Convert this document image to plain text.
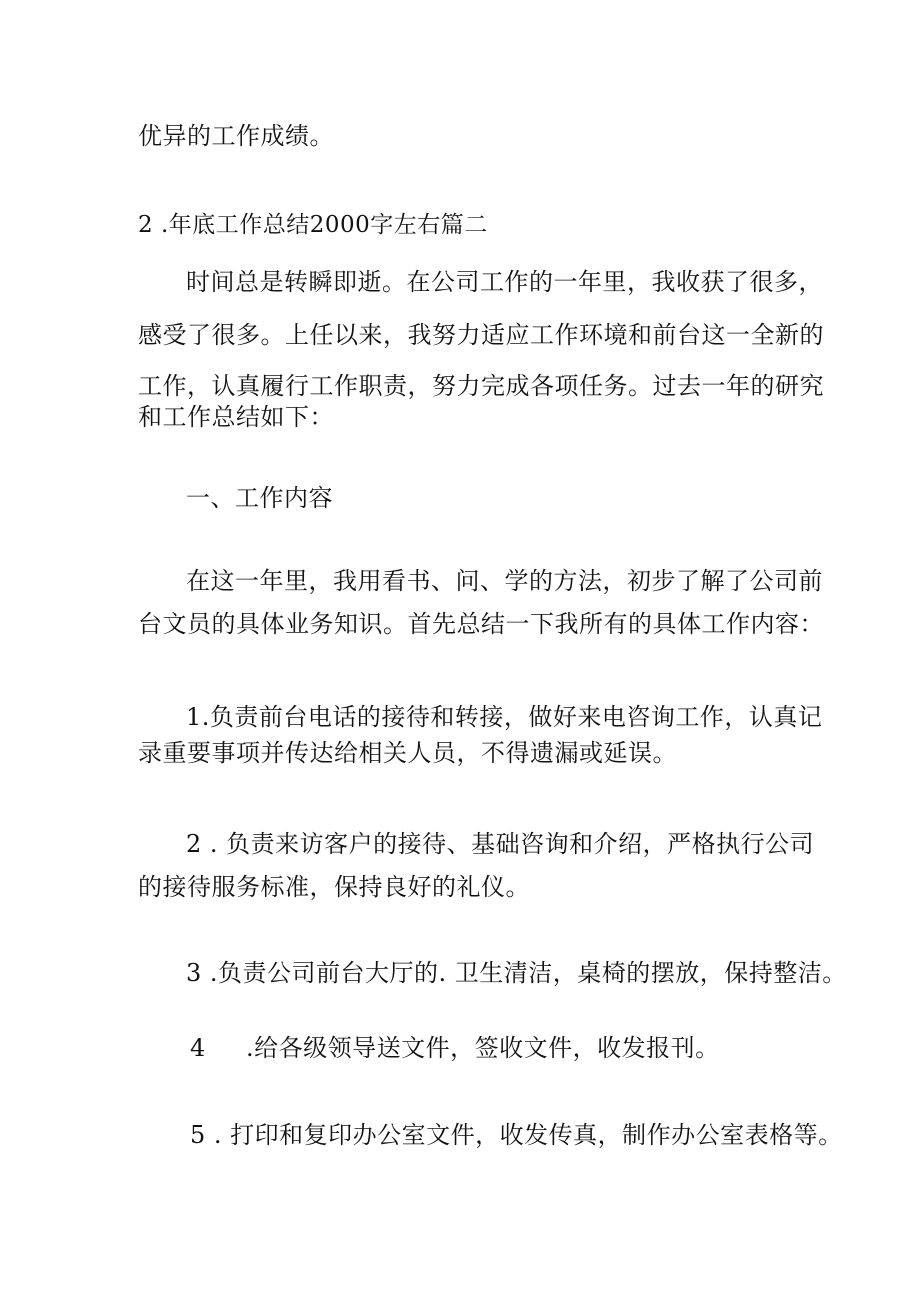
优异的工作成绩。
2 .年底工作总结2000字左右篇二
时间总是转瞬即逝。在公司工作的一年里，我收获了很多，
感受了很多。上任以来，我努力适应工作环境和前台这一全新的
工作，认真履行工作职责，努力完成各项任务。过去一年的研究
和工作总结如下：
一、工作内容
在这一年里，我用看书、问、学的方法，初步了解了公司前
台文员的具体业务知识。首先总结一下我所有的具体工作内容：
1.负责前台电话的接待和转接，做好来电咨询工作，认真记
录重要事项并传达给相关人员，不得遗漏或延误。
2 . 负责来访客户的接待、基础咨询和介绍，严格执行公司
的接待服务标准，保持良好的礼仪。
3 .负责公司前台大厅的. 卫生清洁，桌椅的摆放，保持整洁。
4 .给各级领导送文件，签收文件，收发报刊。
5 . 打印和复印办公室文件，收发传真，制作办公室表格等。
